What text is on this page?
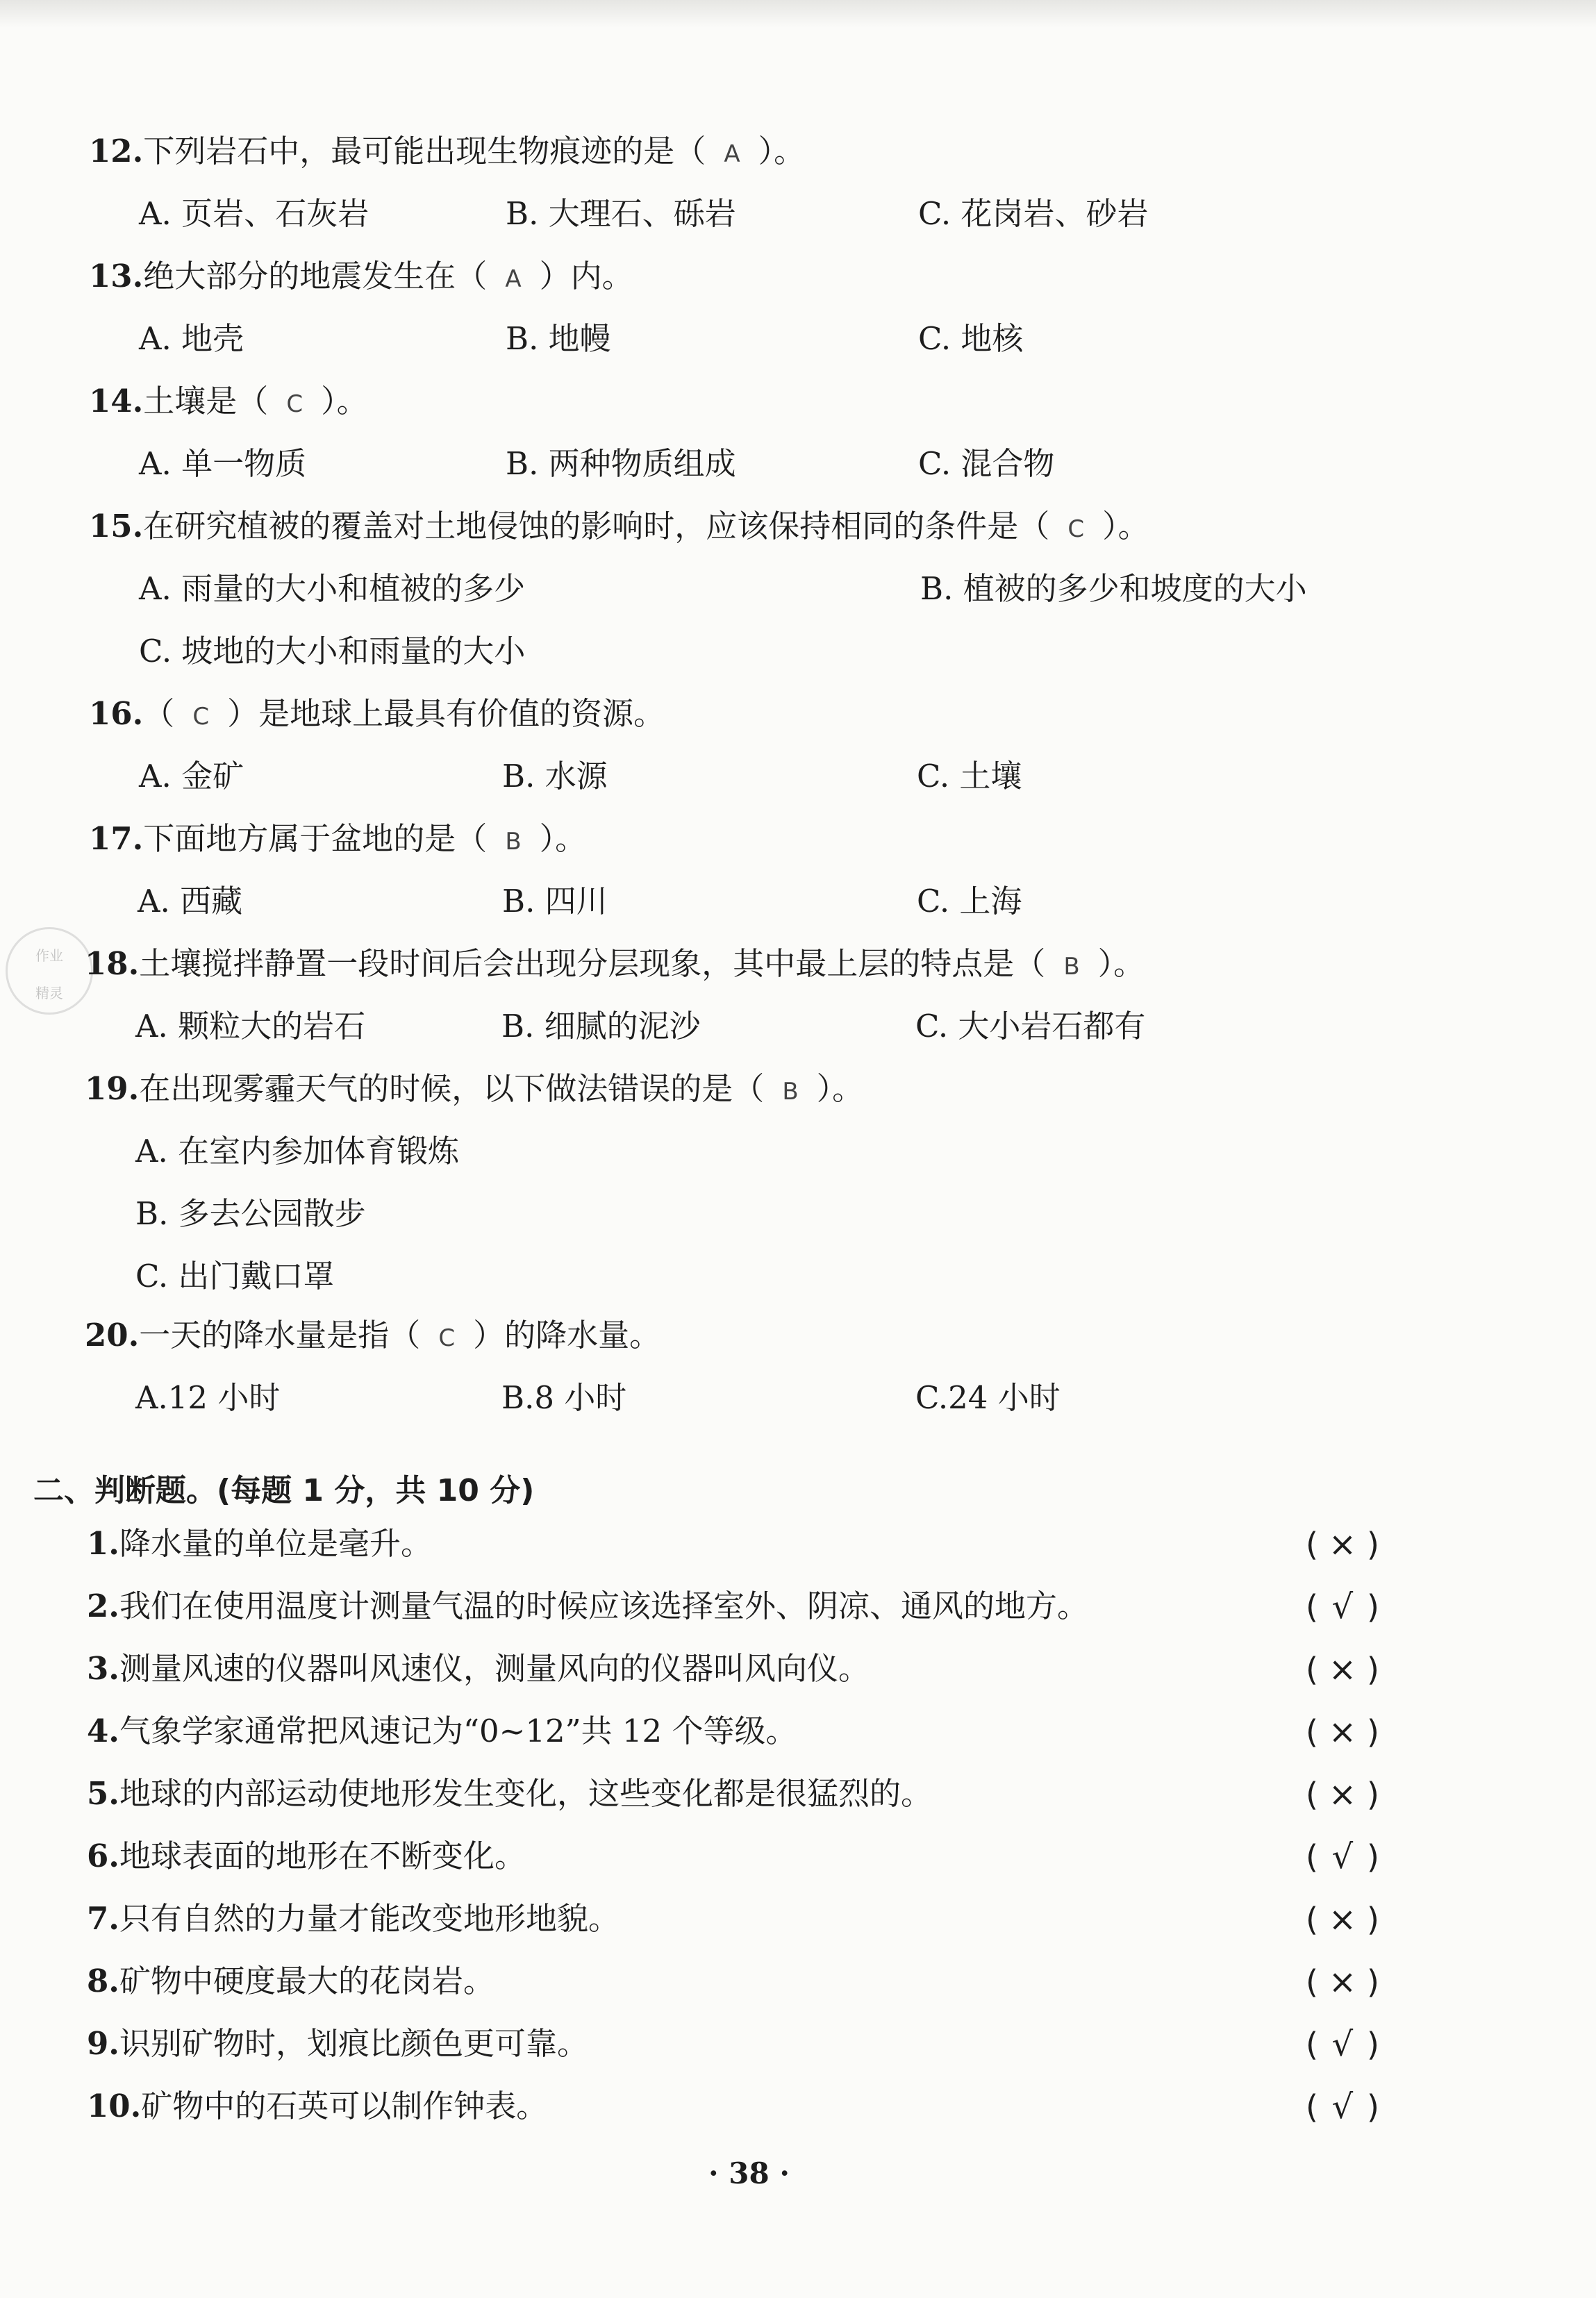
作业
精灵
12.下列岩石中，最可能出现生物痕迹的是（ A ）。
A. 页岩、石灰岩	B. 大理石、砾岩	C. 花岗岩、砂岩
13.绝大部分的地震发生在（ A ）内。
A. 地壳	B. 地幔	C. 地核
14.土壤是（ C ）。
A. 单一物质	B. 两种物质组成	C. 混合物
15.在研究植被的覆盖对土地侵蚀的影响时，应该保持相同的条件是（ C ）。
A. 雨量的大小和植被的多少	B. 植被的多少和坡度的大小
C. 坡地的大小和雨量的大小
16.（ C ）是地球上最具有价值的资源。
A. 金矿	B. 水源	C. 土壤
17.下面地方属于盆地的是（ B ）。
A. 西藏	B. 四川	C. 上海
18.土壤搅拌静置一段时间后会出现分层现象，其中最上层的特点是（ B ）。
A. 颗粒大的岩石	B. 细腻的泥沙	C. 大小岩石都有
19.在出现雾霾天气的时候，以下做法错误的是（ B ）。
A. 在室内参加体育锻炼
B. 多去公园散步
C. 出门戴口罩
20.一天的降水量是指（ C ）的降水量。
A.12 小时	B.8 小时	C.24 小时
二、判断题。(每题 1 分，共 10 分)
1.降水量的单位是毫升。	( × )
2.我们在使用温度计测量气温的时候应该选择室外、阴凉、通风的地方。	( √ )
3.测量风速的仪器叫风速仪，测量风向的仪器叫风向仪。	( × )
4.气象学家通常把风速记为“0~12”共 12 个等级。	( × )
5.地球的内部运动使地形发生变化，这些变化都是很猛烈的。	( × )
6.地球表面的地形在不断变化。	( √ )
7.只有自然的力量才能改变地形地貌。	( × )
8.矿物中硬度最大的花岗岩。	( × )
9.识别矿物时，划痕比颜色更可靠。	( √ )
10.矿物中的石英可以制作钟表。	( √ )
· 38 ·
